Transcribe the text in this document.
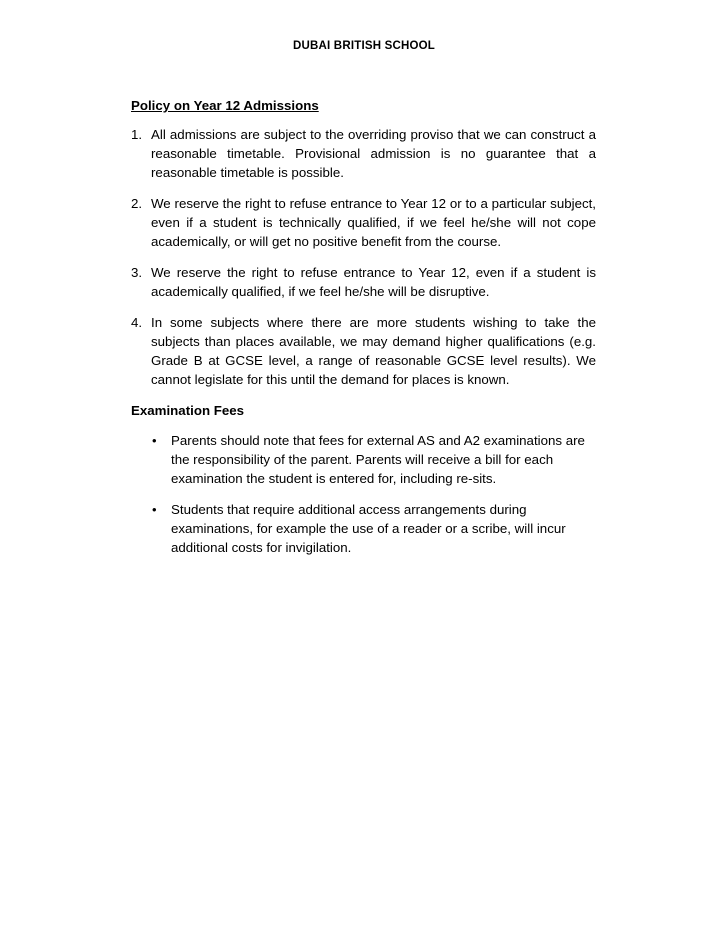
DUBAI BRITISH SCHOOL
Policy on Year 12 Admissions
1. All admissions are subject to the overriding proviso that we can construct a reasonable timetable. Provisional admission is no guarantee that a reasonable timetable is possible.
2. We reserve the right to refuse entrance to Year 12 or to a particular subject, even if a student is technically qualified, if we feel he/she will not cope academically, or will get no positive benefit from the course.
3. We reserve the right to refuse entrance to Year 12, even if a student is academically qualified, if we feel he/she will be disruptive.
4. In some subjects where there are more students wishing to take the subjects than places available, we may demand higher qualifications (e.g. Grade B at GCSE level, a range of reasonable GCSE level results). We cannot legislate for this until the demand for places is known.
Examination Fees
• Parents should note that fees for external AS and A2 examinations are the responsibility of the parent. Parents will receive a bill for each examination the student is entered for, including re-sits.
• Students that require additional access arrangements during examinations, for example the use of a reader or a scribe, will incur additional costs for invigilation.
